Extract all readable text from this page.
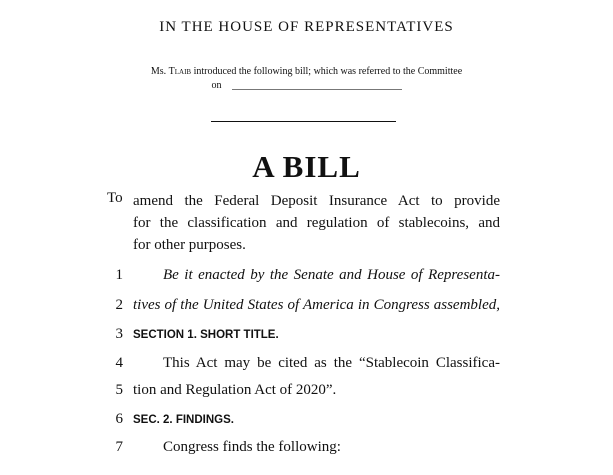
IN THE HOUSE OF REPRESENTATIVES
Ms. Tlaib introduced the following bill; which was referred to the Committee
on
A BILL
To amend the Federal Deposit Insurance Act to provide
for the classification and regulation of stablecoins, and
for other purposes.
1	Be it enacted by the Senate and House of Representa-
2 tives of the United States of America in Congress assembled,
3 SECTION 1. SHORT TITLE.
4	This Act may be cited as the “Stablecoin Classifica-
5 tion and Regulation Act of 2020”.
6 SEC. 2. FINDINGS.
7	Congress finds the following:
